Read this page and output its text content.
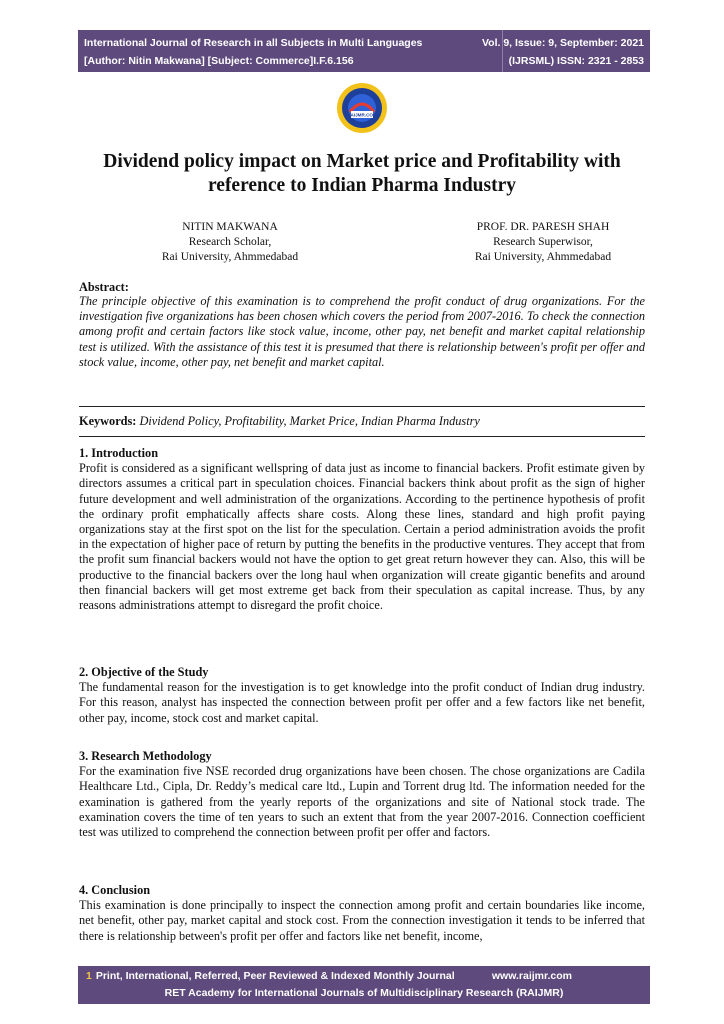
International Journal of Research in all Subjects in Multi Languages
[Author: Nitin Makwana] [Subject: Commerce]I.F.6.156
Vol. 9, Issue: 9, September: 2021
(IJRSML) ISSN: 2321 - 2853
RAIJMR.COM
Dividend policy impact on Market price and Profitability with reference to Indian Pharma Industry
NITIN MAKWANA
Research Scholar,
Rai University, Ahmmedabad
PROF. DR. PARESH SHAH
Research Superwisor,
Rai University, Ahmmedabad
Abstract:
The principle objective of this examination is to comprehend the profit conduct of drug organizations. For the investigation five organizations has been chosen which covers the period from 2007-2016. To check the connection among profit and certain factors like stock value, income, other pay, net benefit and market capital relationship test is utilized. With the assistance of this test it is presumed that there is relationship between's profit per offer and stock value, income, other pay, net benefit and market capital.
Keywords: Dividend Policy, Profitability, Market Price, Indian Pharma Industry
1. Introduction
Profit is considered as a significant wellspring of data just as income to financial backers. Profit estimate given by directors assumes a critical part in speculation choices. Financial backers think about profit as the sign of higher future development and well administration of the organizations. According to the pertinence hypothesis of profit the ordinary profit emphatically affects share costs. Along these lines, standard and high profit paying organizations stay at the first spot on the list for the speculation. Certain a period administration avoids the profit in the expectation of higher pace of return by putting the benefits in the productive ventures. They accept that from the profit sum financial backers would not have the option to get great return however they can. Also, this will be productive to the financial backers over the long haul when organization will create gigantic benefits and around then financial backers will get most extreme get back from their speculation as capital increase. Thus, by any reasons administrations attempt to disregard the profit choice.
2. Objective of the Study
The fundamental reason for the investigation is to get knowledge into the profit conduct of Indian drug industry. For this reason, analyst has inspected the connection between profit per offer and a few factors like net benefit, other pay, income, stock cost and market capital.
3. Research Methodology
For the examination five NSE recorded drug organizations have been chosen. The chose organizations are Cadila Healthcare Ltd., Cipla, Dr. Reddy’s medical care ltd., Lupin and Torrent drug ltd. The information needed for the examination is gathered from the yearly reports of the organizations and site of National stock trade. The examination covers the time of ten years to such an extent that from the year 2007-2016. Connection coefficient test was utilized to comprehend the connection between profit per offer and factors.
4. Conclusion
This examination is done principally to inspect the connection among profit and certain boundaries like income, net benefit, other pay, market capital and stock cost. From the connection investigation it tends to be inferred that there is relationship between's profit per offer and factors like net benefit, income,
1 Print, International, Referred, Peer Reviewed & Indexed Monthly Journal	www.raijmr.com
RET Academy for International Journals of Multidisciplinary Research (RAIJMR)
